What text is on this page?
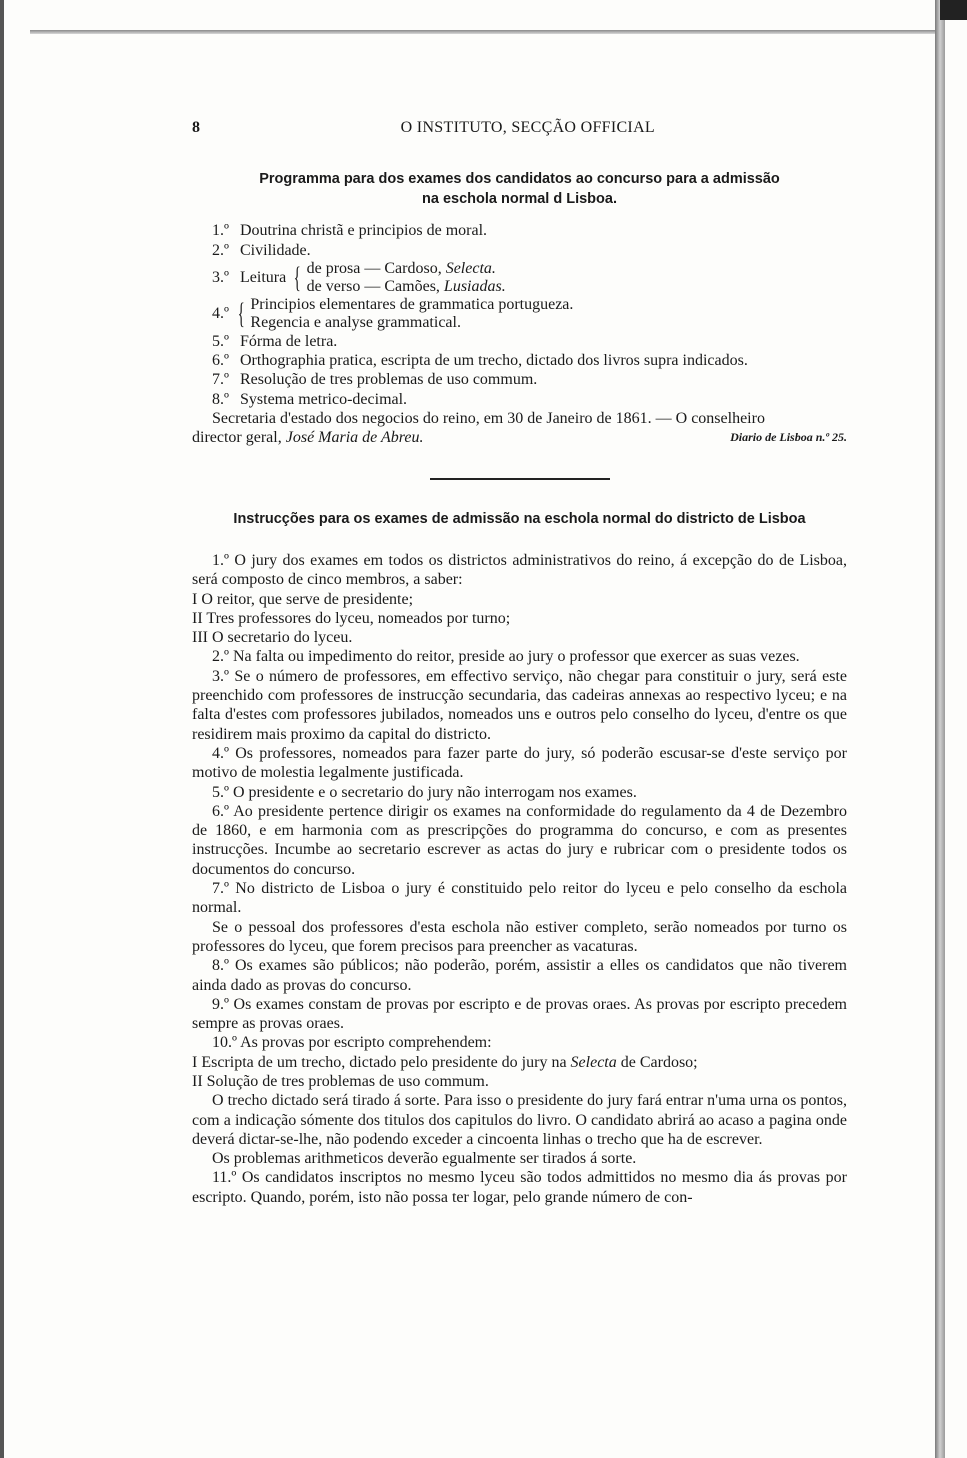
8	O INSTITUTO, SECÇÃO OFFICIAL
Programma para dos exames dos candidatos ao concurso para a admissão
na eschola normal d Lisboa.
1.º Doutrina christã e principios de moral.
2.º Civilidade.
3.º Leitura { de prosa — Cardoso, Selecta.
de verso — Camões, Lusiadas.
4.º { Principios elementares de grammatica portugueza.
Regencia e analyse grammatical.
5.º Fórma de letra.
6.º Orthographia pratica, escripta de um trecho, dictado dos livros supra indicados.
7.º Resolução de tres problemas de uso commum.
8.º Systema metrico-decimal.
Secretaria d'estado dos negocios do reino, em 30 de Janeiro de 1861. — O conselheiro
director geral, José Maria de Abreu.	Diario de Lisboa n.º 25.
Instrucções para os exames de admissão na eschola normal do districto de Lisboa
1.º O jury dos exames em todos os districtos administrativos do reino, á excepção do de Lisboa, será composto de cinco membros, a saber:
I O reitor, que serve de presidente;
II Tres professores do lyceu, nomeados por turno;
III O secretario do lyceu.
2.º Na falta ou impedimento do reitor, preside ao jury o professor que exercer as suas vezes.
3.º Se o número de professores, em effectivo serviço, não chegar para constituir o jury, será este preenchido com professores de instrucção secundaria, das cadeiras annexas ao respectivo lyceu; e na falta d'estes com professores jubilados, nomeados uns e outros pelo conselho do lyceu, d'entre os que residirem mais proximo da capital do districto.
4.º Os professores, nomeados para fazer parte do jury, só poderão escusar-se d'este serviço por motivo de molestia legalmente justificada.
5.º O presidente e o secretario do jury não interrogam nos exames.
6.º Ao presidente pertence dirigir os exames na conformidade do regulamento da 4 de Dezembro de 1860, e em harmonia com as prescripções do programma do concurso, e com as presentes instrucções. Incumbe ao secretario escrever as actas do jury e rubricar com o presidente todos os documentos do concurso.
7.º No districto de Lisboa o jury é constituido pelo reitor do lyceu e pelo conselho da eschola normal.
Se o pessoal dos professores d'esta eschola não estiver completo, serão nomeados por turno os professores do lyceu, que forem precisos para preencher as vacaturas.
8.º Os exames são públicos; não poderão, porém, assistir a elles os candidatos que não tiverem ainda dado as provas do concurso.
9.º Os exames constam de provas por escripto e de provas oraes. As provas por escripto precedem sempre as provas oraes.
10.º As provas por escripto comprehendem:
I Escripta de um trecho, dictado pelo presidente do jury na Selecta de Cardoso;
II Solução de tres problemas de uso commum.
O trecho dictado será tirado á sorte. Para isso o presidente do jury fará entrar n'uma urna os pontos, com a indicação sómente dos titulos dos capitulos do livro. O candidato abrirá ao acaso a pagina onde deverá dictar-se-lhe, não podendo exceder a cincoenta linhas o trecho que ha de escrever.
Os problemas arithmeticos deverão egualmente ser tirados á sorte.
11.º Os candidatos inscriptos no mesmo lyceu são todos admittidos no mesmo dia ás provas por escripto. Quando, porém, isto não possa ter logar, pelo grande número de con-
